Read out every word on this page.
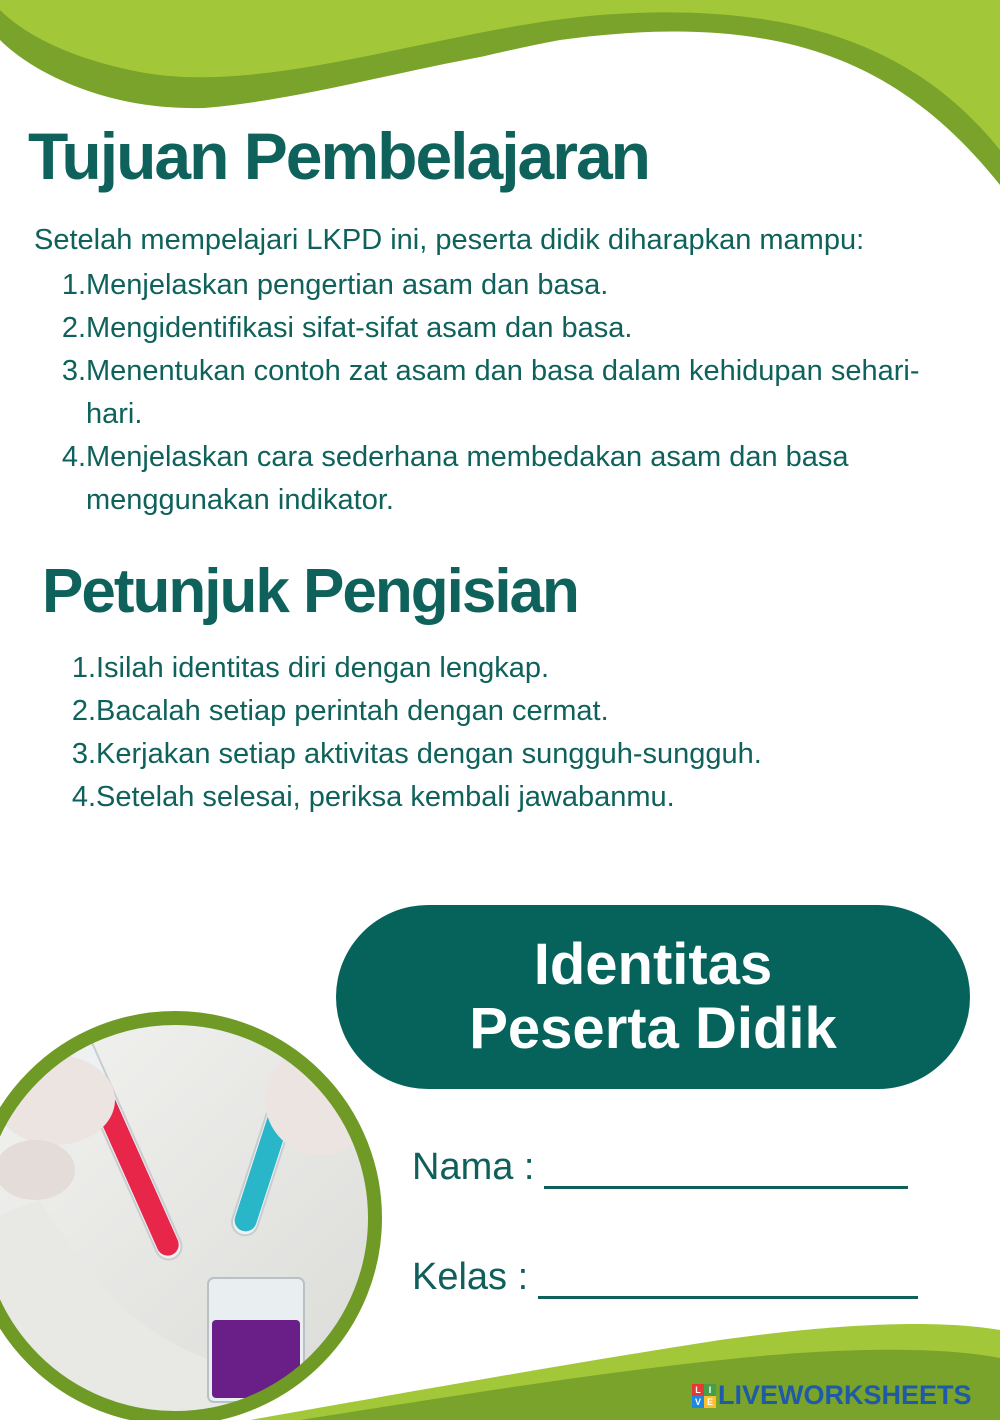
Tujuan Pembelajaran
Setelah mempelajari LKPD ini, peserta didik diharapkan mampu:
1. Menjelaskan pengertian asam dan basa.
2. Mengidentifikasi sifat-sifat asam dan basa.
3. Menentukan contoh zat asam dan basa dalam kehidupan sehari-hari.
4. Menjelaskan cara sederhana membedakan asam dan basa menggunakan indikator.
Petunjuk Pengisian
1. Isilah identitas diri dengan lengkap.
2. Bacalah setiap perintah dengan cermat.
3. Kerjakan setiap aktivitas dengan sungguh-sungguh.
4. Setelah selesai, periksa kembali jawabanmu.
Identitas
Peserta Didik
Nama :
Kelas :
L I
V E LIVEWORKSHEETS
